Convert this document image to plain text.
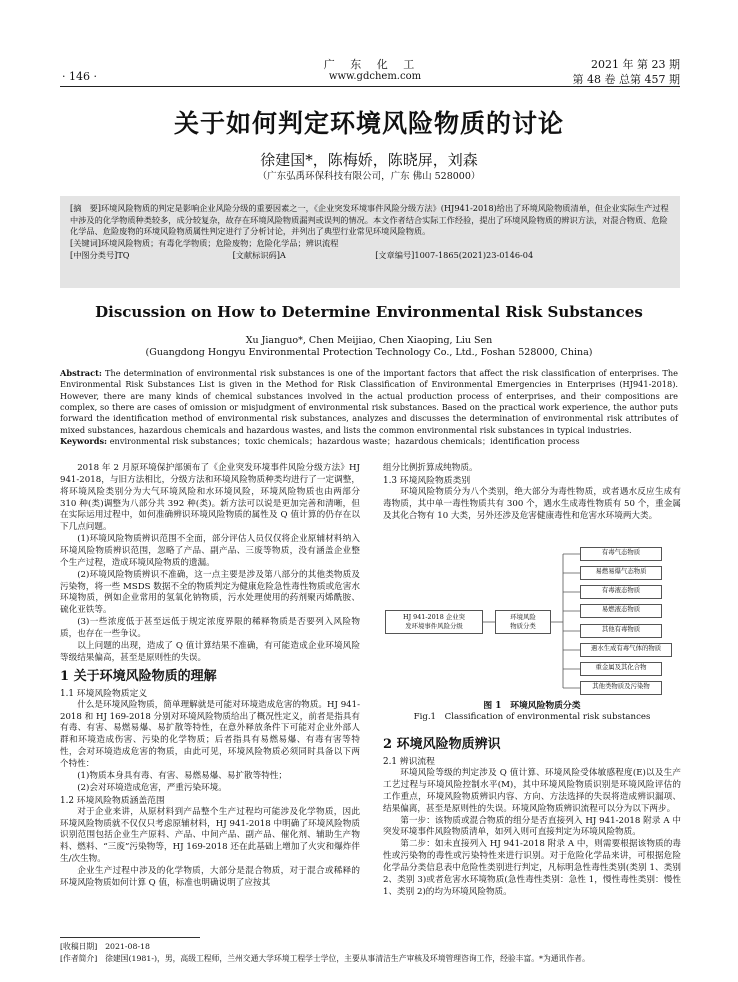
广 东 化 工
www.gdchem.com
· 146 ·
2021 年 第 23 期
第 48 卷 总第 457 期
关于如何判定环境风险物质的讨论
徐建国*，陈梅娇，陈晓屏，刘森
（广东弘禹环保科技有限公司，广东 佛山 528000）

[摘　要]环境风险物质的判定是影响企业风险分级的重要因素之一，《企业突发环境事件风险分级方法》(HJ941-2018)给出了环境风险物质清单，但企业实际生产过程中涉及的化学物质种类较多，成分较复杂，故存在环境风险物质漏判或误判的情况。本文作者结合实际工作经验，提出了环境风险物质的辨识方法，对混合物质、危险化学品、危险废物的环境风险物质属性判定进行了分析讨论，并列出了典型行业常见环境风险物质。

[关键词]环境风险物质；有毒化学物质；危险废物；危险化学品；辨识流程

[中图分类号]TQ	[文献标识码]A	[文章编号]1007-1865(2021)23-0146-04

Discussion on How to Determine Environmental Risk Substances
Xu Jianguo*, Chen Meijiao, Chen Xiaoping, Liu Sen
(Guangdong Hongyu Environmental Protection Technology Co., Ltd., Foshan 528000, China)

Abstract: The determination of environmental risk substances is one of the important factors that affect the risk classification of enterprises. The Environmental Risk Substances List is given in the Method for Risk Classification of Environmental Emergencies in Enterprises (HJ941-2018). However, there are many kinds of chemical substances involved in the actual production process of enterprises, and their compositions are complex, so there are cases of omission or misjudgment of environmental risk substances. Based on the practical work experience, the author puts forward the identification method of environmental risk substances, analyzes and discusses the determination of environmental risk attributes of mixed substances, hazardous chemicals and hazardous wastes, and lists the common environmental risk substances in typical industries.

Keywords: environmental risk substances；toxic chemicals；hazardous waste；hazardous chemicals；identification process

2018 年 2 月原环境保护部颁布了《企业突发环境事件风险分级方法》HJ 941-2018，与旧方法相比，分级方法和环境风险物质种类均进行了一定调整，将环境风险类别分为大气环境风险和水环境风险，环境风险物质也由两部分 310 种(类)调整为八部分共 392 种(类)。新方法可以说是更加完善和清晰，但在实际运用过程中，如何准确辨识环境风险物质的属性及 Q 值计算的仍存在以下几点问题。

(1)环境风险物质辨识范围不全面，部分评估人员仅仅将企业原辅材料纳入环境风险物质辨识范围，忽略了产品、副产品、三废等物质，没有涵盖企业整个生产过程，造成环境风险物质的遗漏。

(2)环境风险物质辨识不准确，这一点主要是涉及第八部分的其他类物质及污染物，将一些 MSDS 数据不全的物质判定为健康危险急性毒性物质或危害水环境物质，例如企业常用的氢氧化钠物质，污水处理使用的药剂聚丙烯酰胺、硫化亚铁等。

(3)一些浓度低于甚至远低于规定浓度界限的稀释物质是否要列入风险物质，也存在一些争议。

以上问题的出现，造成了 Q 值计算结果不准确，有可能造成企业环境风险等级结果偏高，甚至是原则性的失误。

1 关于环境风险物质的理解
1.1 环境风险物质定义

什么是环境风险物质，简单理解就是可能对环境造成危害的物质。HJ 941-2018 和 HJ 169-2018 分别对环境风险物质给出了概况性定义，前者是指具有有毒、有害、易燃易爆、易扩散等特性，在意外释放条件下可能对企业外部人群和环境造成伤害、污染的化学物质；后者指具有易燃易爆、有毒有害等特性，会对环境造成危害的物质，由此可见，环境风险物质必须同时具备以下两个特性：

(1)物质本身具有毒、有害、易燃易爆、易扩散等特性；

(2)会对环境造成危害，严重污染环境。

1.2 环境风险物质涵盖范围

对于企业来讲，从原材料到产品整个生产过程均可能涉及化学物质，因此环境风险物质就不仅仅只考虑原辅材料，HJ 941-2018 中明确了环境风险物质识别范围包括企业生产原料、产品、中间产品、副产品、催化剂、辅助生产物料、燃料、“三废”污染物等，HJ 169-2018 还在此基础上增加了火灾和爆炸伴生/次生物。

企业生产过程中涉及的化学物质，大部分是混合物质，对于混合或稀释的环境风险物质如何计算 Q 值，标准也明确说明了应按其

组分比例折算成纯物质。

1.3 环境风险物质类别

环境风险物质分为八个类别，绝大部分为毒性物质，或者遇水反应生成有毒物质，其中单一毒性物质共有 300 个，遇水生成毒性物质有 50 个，重金属及其化合物有 10 大类，另外还涉及危害健康毒性和危害水环境两大类。

HJ 941-2018 企业突
发环境事件风险分级
环境风险
物质分类
有毒气态物质
易燃易爆气态物质
有毒液态物质
易燃液态物质
其他有毒物质
遇水生成有毒气体的物质
重金属及其化合物
其他类物质及污染物
图 1　环境风险物质分类
Fig.1　Classification of environmental risk substances
2 环境风险物质辨识
2.1 辨识流程

环境风险等级的判定涉及 Q 值计算、环境风险受体敏感程度(E)以及生产工艺过程与环境风险控制水平(M)，其中环境风险物质识别是环境风险评估的工作重点，环境风险物质辨识内容、方向、方法选择的失误将造成辨识漏项、结果偏离，甚至是原则性的失误。环境风险物质辨识流程可以分为以下两步。

第一步：该物质或混合物质的组分是否直接列入 HJ 941-2018 附录 A 中突发环境事件风险物质清单，如列入则可直接判定为环境风险物质。

第二步：如未直接列入 HJ 941-2018 附录 A 中，则需要根据该物质的毒性或污染物的毒性或污染特性来进行识别。对于危险化学品来讲，可根据危险化学品分类信息表中危险性类别进行判定，凡标明急性毒性类别(类别 1、类别 2、类别 3)或者危害水环境物质(急性毒性类别：急性 1，慢性毒性类别：慢性 1、类别 2)的均为环境风险物质。

[收稿日期]　2021-08-18

[作者简介]　徐建国(1981-)，男，高级工程师，兰州交通大学环境工程学士学位，主要从事清洁生产审核及环境管理咨询工作，经验丰富。*为通讯作者。
